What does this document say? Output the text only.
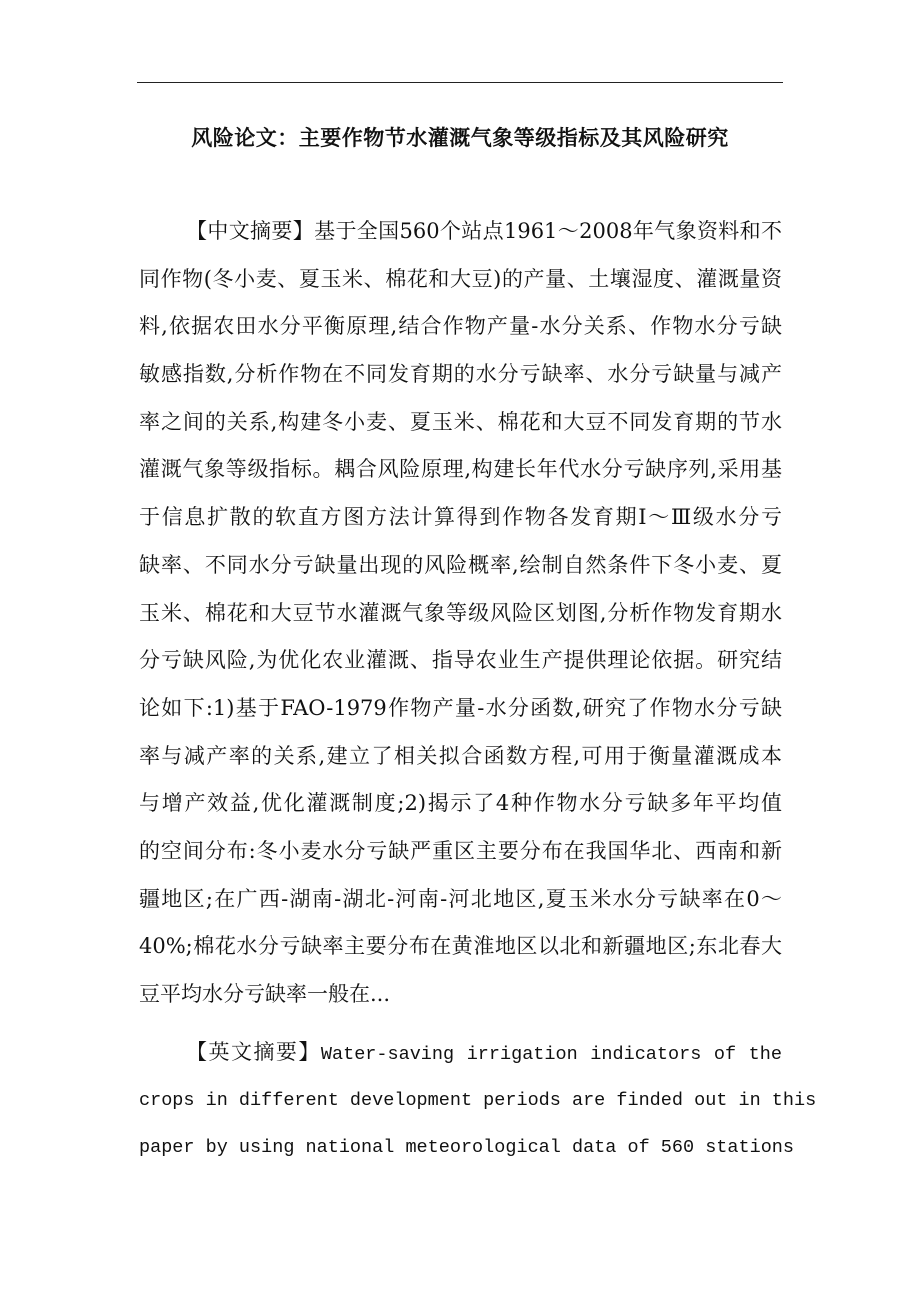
风险论文：主要作物节水灌溉气象等级指标及其风险研究
【中文摘要】基于全国560个站点1961～2008年气象资料和不
同作物(冬小麦、夏玉米、棉花和大豆)的产量、土壤湿度、灌溉量资
料,依据农田水分平衡原理,结合作物产量-水分关系、作物水分亏缺
敏感指数,分析作物在不同发育期的水分亏缺率、水分亏缺量与减产
率之间的关系,构建冬小麦、夏玉米、棉花和大豆不同发育期的节水
灌溉气象等级指标。耦合风险原理,构建长年代水分亏缺序列,采用基
于信息扩散的软直方图方法计算得到作物各发育期Ⅰ～Ⅲ级水分亏
缺率、不同水分亏缺量出现的风险概率,绘制自然条件下冬小麦、夏
玉米、棉花和大豆节水灌溉气象等级风险区划图,分析作物发育期水
分亏缺风险,为优化农业灌溉、指导农业生产提供理论依据。研究结
论如下:1)基于FAO-1979作物产量-水分函数,研究了作物水分亏缺
率与减产率的关系,建立了相关拟合函数方程,可用于衡量灌溉成本
与增产效益,优化灌溉制度;2)揭示了4种作物水分亏缺多年平均值
的空间分布:冬小麦水分亏缺严重区主要分布在我国华北、西南和新
疆地区;在广西-湖南-湖北-河南-河北地区,夏玉米水分亏缺率在0～
40%;棉花水分亏缺率主要分布在黄淮地区以北和新疆地区;东北春大
豆平均水分亏缺率一般在...
【英文摘要】Water-saving irrigation indicators of the
crops in different development periods are finded out in this
paper by using national meteorological data of 560 stations
